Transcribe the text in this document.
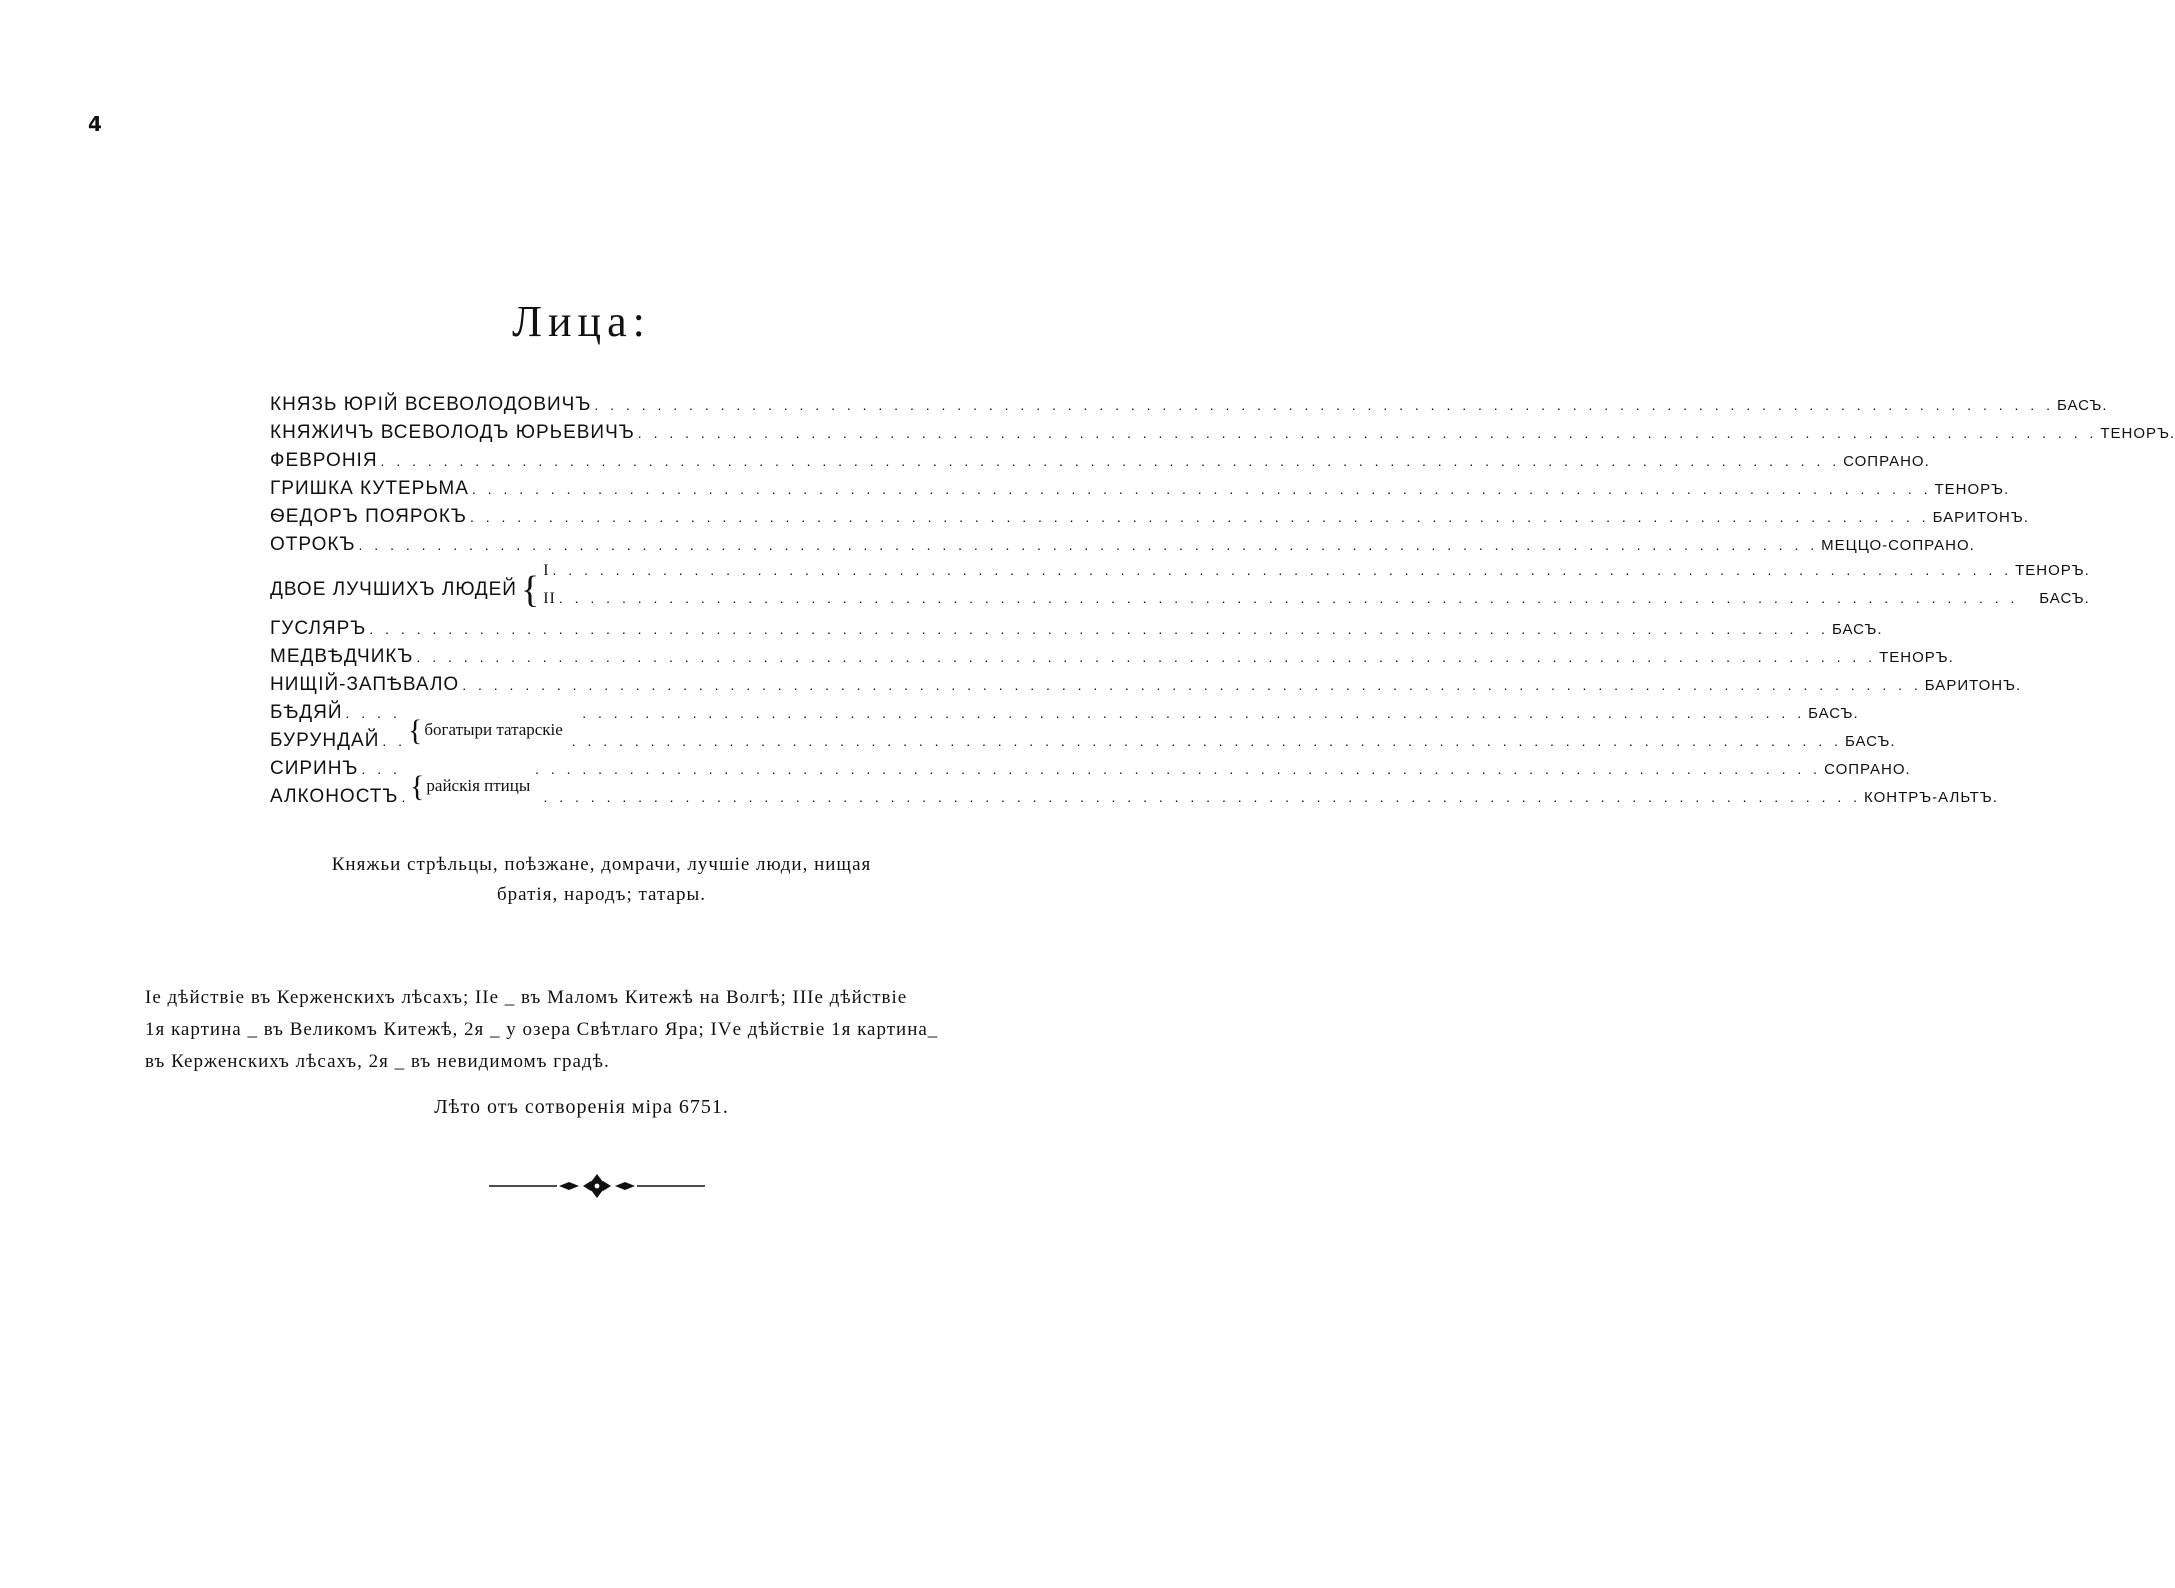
4
Лица:
КНЯЗЬ ЮРІЙ ВСЕВОЛОДОВИЧЪ . . .	БАСЪ.
КНЯЖИЧЪ ВСЕВОЛОДЪ ЮРЬЕВИЧЪ . . .	ТЕНОРЪ.
ФЕВРОНІЯ . . .	СОПРАНО.
ГРИШКА КУТЕРЬМА . . .	ТЕНОРЪ.
ѲЕДОРЪ ПОЯРОКЪ . . .	БАРИТОНЪ.
ОТРОКЪ . . .	МЕЦЦО-СОПРАНО.
ДВОЕ ЛУЧШИХЪ ЛЮДЕЙ { I . . .	ТЕНОРЪ.
II . . .	БАСЪ.
ГУСЛЯРЪ . . .	БАСЪ.
МЕДВѢДЧИКЪ . . .	ТЕНОРЪ.
НИЩІЙ-ЗАПѢВАЛО . . .	БАРИТОНЪ.
БѢДЯЙ . . .	БАСЪ.
БУРУНДАЙ . . .	БАСЪ.
{ богатыри татарскіе
СИРИНЪ . . .	СОПРАНО.
АЛКОНОСТЪ . . .	КОНТРЪ-АЛЬТЪ.
{ райскія птицы
Княжьи стрѣльцы, поѣзжане, домрачи, лучшіе люди, нищая
братія, народъ; татары.
Iе дѣйствіе въ Керженскихъ лѣсахъ; IIе _ въ Маломъ Китежѣ на Волгѣ; IIIе дѣйствіе
1я картина _ въ Великомъ Китежѣ, 2я _ у озера Свѣтлаго Яра; IVе дѣйствіе 1я картина_
въ Керженскихъ лѣсахъ, 2я _ въ невидимомъ градѣ.
Лѣто отъ сотворенія міра 6751.
